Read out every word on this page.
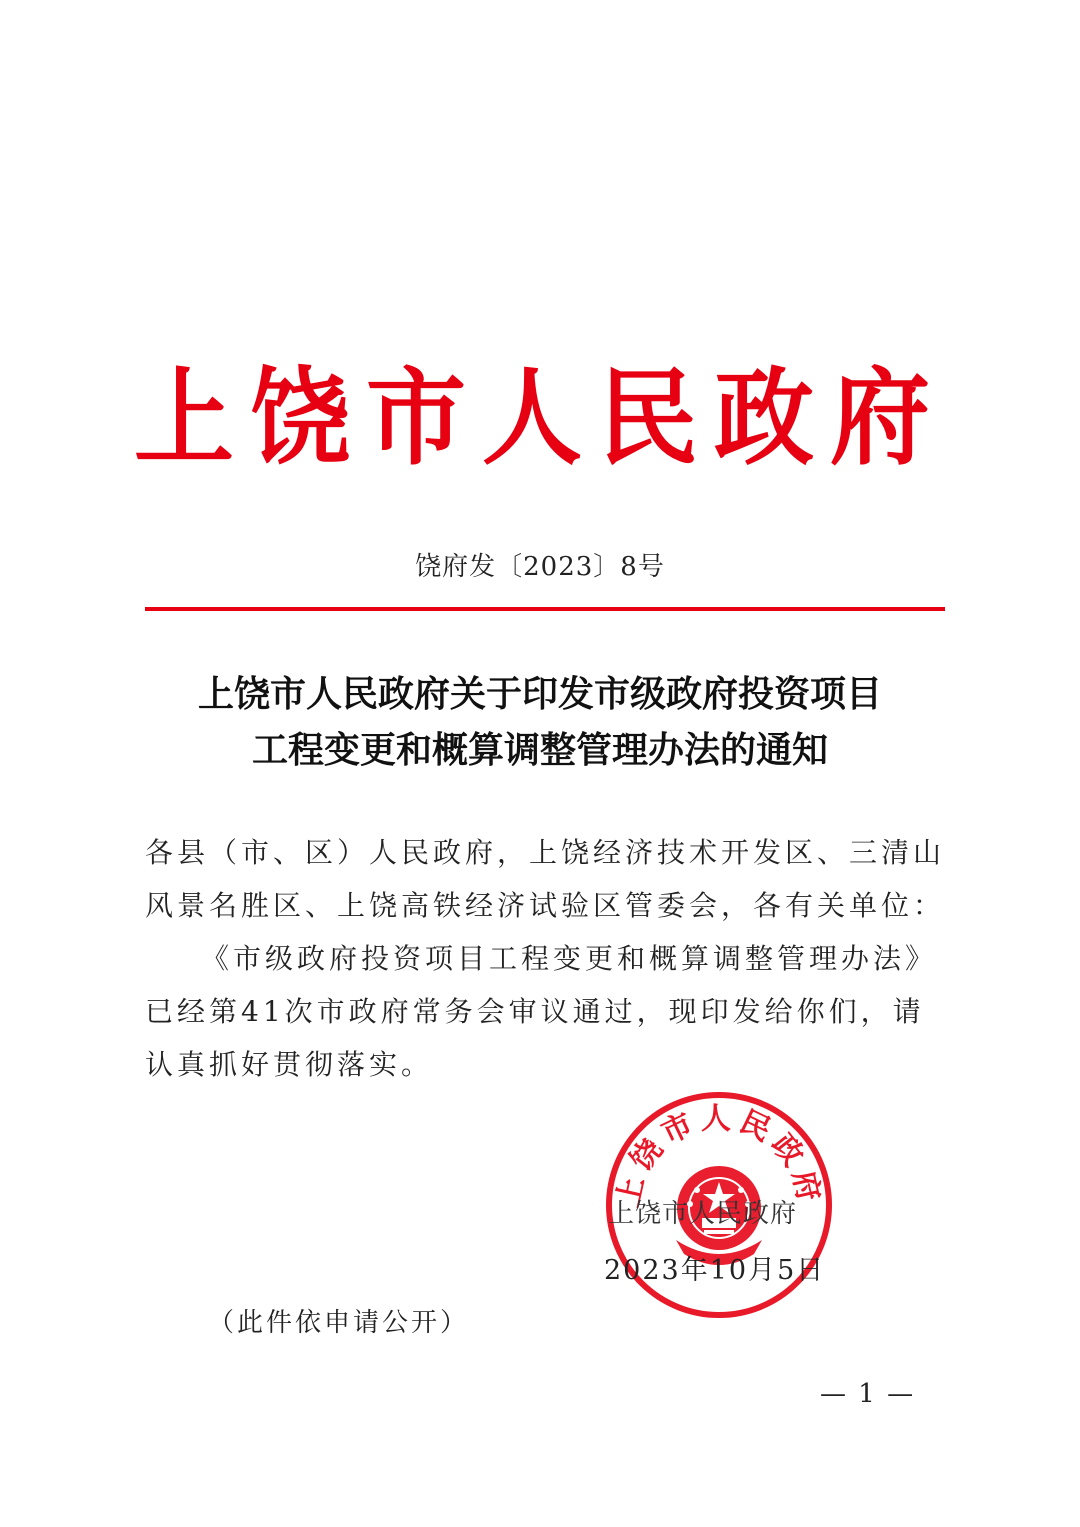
上饶市人民政府
饶府发〔2023〕8号
上饶市人民政府关于印发市级政府投资项目
工程变更和概算调整管理办法的通知

各县（市、区）人民政府，上饶经济技术开发区、三清山风景名胜区、上饶高铁经济试验区管委会，各有关单位：

《市级政府投资项目工程变更和概算调整管理办法》已经第41次市政府常务会审议通过，现印发给你们，请认真抓好贯彻落实。

上饶市人民政府
上饶市人民政府
2023年10月5日
（此件依申请公开）
— 1 —
